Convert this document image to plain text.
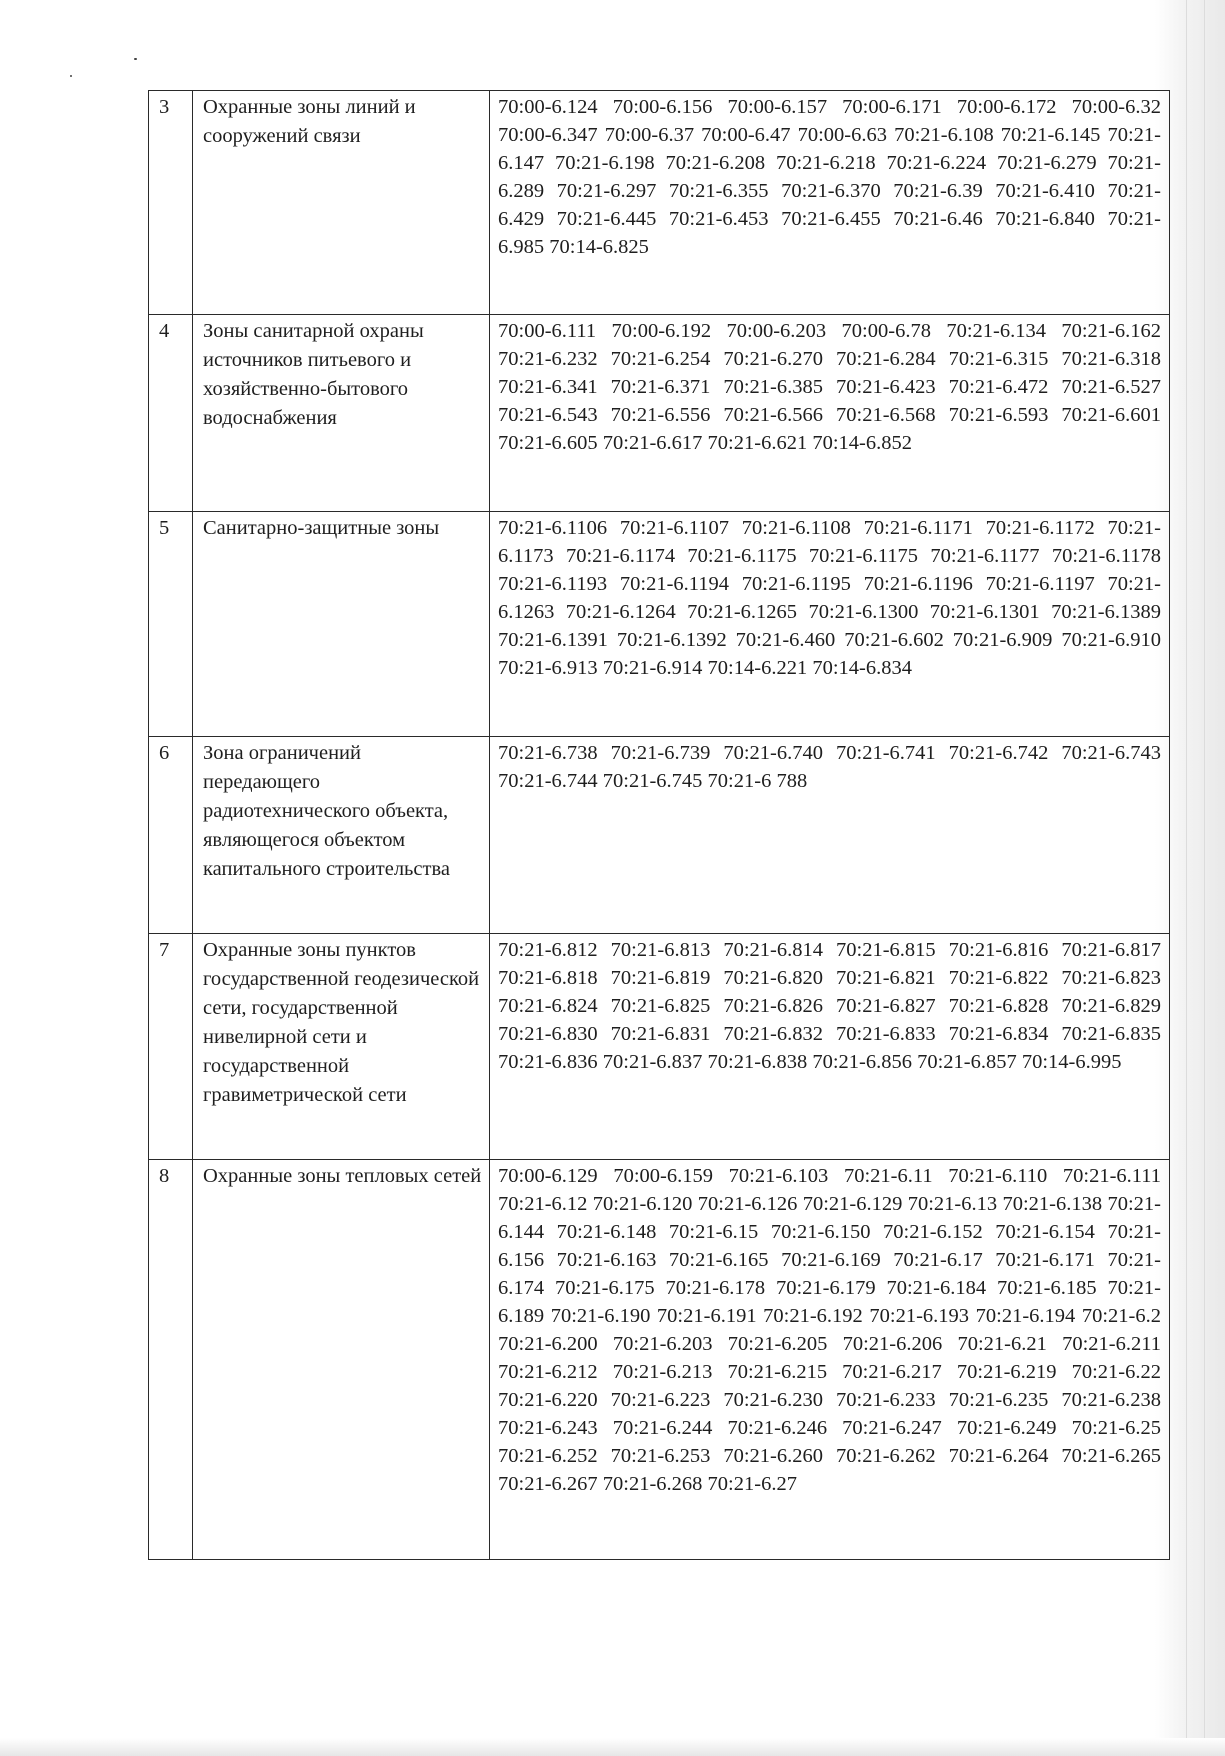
3	Охранные зоны линий и сооружений связи	70:00-6.124 70:00-6.156 70:00-6.157 70:00-6.171 70:00-6.172 70:00-6.32 70:00-6.347 70:00-6.37 70:00-6.47 70:00-6.63 70:21-6.108 70:21-6.145 70:21-6.147 70:21-6.198 70:21-6.208 70:21-6.218 70:21-6.224 70:21-6.279 70:21-6.289 70:21-6.297 70:21-6.355 70:21-6.370 70:21-6.39 70:21-6.410 70:21-6.429 70:21-6.445 70:21-6.453 70:21-6.455 70:21-6.46 70:21-6.840 70:21-6.985 70:14-6.825
4	Зоны санитарной охраны источников питьевого и хозяйственно-бытового водоснабжения	70:00-6.111 70:00-6.192 70:00-6.203 70:00-6.78 70:21-6.134 70:21-6.162 70:21-6.232 70:21-6.254 70:21-6.270 70:21-6.284 70:21-6.315 70:21-6.318 70:21-6.341 70:21-6.371 70:21-6.385 70:21-6.423 70:21-6.472 70:21-6.527 70:21-6.543 70:21-6.556 70:21-6.566 70:21-6.568 70:21-6.593 70:21-6.601 70:21-6.605 70:21-6.617 70:21-6.621 70:14-6.852
5	Санитарно-защитные зоны	70:21-6.1106 70:21-6.1107 70:21-6.1108 70:21-6.1171 70:21-6.1172 70:21-6.1173 70:21-6.1174 70:21-6.1175 70:21-6.1175 70:21-6.1177 70:21-6.1178 70:21-6.1193 70:21-6.1194 70:21-6.1195 70:21-6.1196 70:21-6.1197 70:21-6.1263 70:21-6.1264 70:21-6.1265 70:21-6.1300 70:21-6.1301 70:21-6.1389 70:21-6.1391 70:21-6.1392 70:21-6.460 70:21-6.602 70:21-6.909 70:21-6.910 70:21-6.913 70:21-6.914 70:14-6.221 70:14-6.834
6	Зона ограничений передающего радиотехнического объекта, являющегося объектом капитального строительства	70:21-6.738 70:21-6.739 70:21-6.740 70:21-6.741 70:21-6.742 70:21-6.743 70:21-6.744 70:21-6.745 70:21-6 788
7	Охранные зоны пунктов государственной геодезической сети, государственной нивелирной сети и государственной гравиметрической сети	70:21-6.812 70:21-6.813 70:21-6.814 70:21-6.815 70:21-6.816 70:21-6.817 70:21-6.818 70:21-6.819 70:21-6.820 70:21-6.821 70:21-6.822 70:21-6.823 70:21-6.824 70:21-6.825 70:21-6.826 70:21-6.827 70:21-6.828 70:21-6.829 70:21-6.830 70:21-6.831 70:21-6.832 70:21-6.833 70:21-6.834 70:21-6.835 70:21-6.836 70:21-6.837 70:21-6.838 70:21-6.856 70:21-6.857 70:14-6.995
8	Охранные зоны тепловых сетей	70:00-6.129 70:00-6.159 70:21-6.103 70:21-6.11 70:21-6.110 70:21-6.111 70:21-6.12 70:21-6.120 70:21-6.126 70:21-6.129 70:21-6.13 70:21-6.138 70:21-6.144 70:21-6.148 70:21-6.15 70:21-6.150 70:21-6.152 70:21-6.154 70:21-6.156 70:21-6.163 70:21-6.165 70:21-6.169 70:21-6.17 70:21-6.171 70:21-6.174 70:21-6.175 70:21-6.178 70:21-6.179 70:21-6.184 70:21-6.185 70:21-6.189 70:21-6.190 70:21-6.191 70:21-6.192 70:21-6.193 70:21-6.194 70:21-6.2 70:21-6.200 70:21-6.203 70:21-6.205 70:21-6.206 70:21-6.21 70:21-6.211 70:21-6.212 70:21-6.213 70:21-6.215 70:21-6.217 70:21-6.219 70:21-6.22 70:21-6.220 70:21-6.223 70:21-6.230 70:21-6.233 70:21-6.235 70:21-6.238 70:21-6.243 70:21-6.244 70:21-6.246 70:21-6.247 70:21-6.249 70:21-6.25 70:21-6.252 70:21-6.253 70:21-6.260 70:21-6.262 70:21-6.264 70:21-6.265 70:21-6.267 70:21-6.268 70:21-6.27
